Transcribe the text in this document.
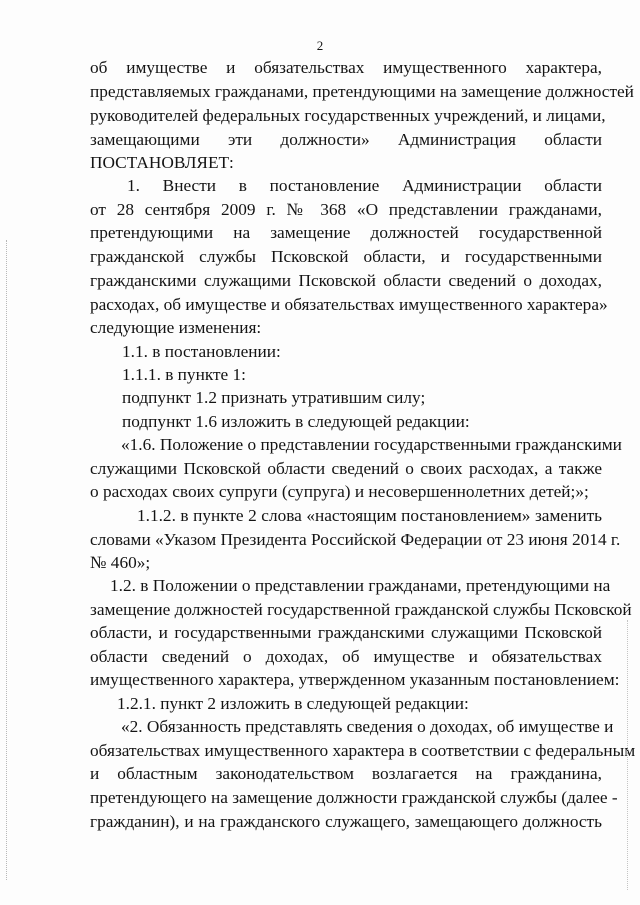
2
об имуществе и обязательствах имущественного характера,
представляемых гражданами, претендующими на замещение должностей
руководителей федеральных государственных учреждений, и лицами,
замещающими эти должности» Администрация области
ПОСТАНОВЛЯЕТ:
1. Внести в постановление Администрации области
от 28 сентября 2009 г. № 368 «О представлении гражданами,
претендующими на замещение должностей государственной
гражданской службы Псковской области, и государственными
гражданскими служащими Псковской области сведений о доходах,
расходах, об имуществе и обязательствах имущественного характера»
следующие изменения:
1.1. в постановлении:
1.1.1. в пункте 1:
подпункт 1.2 признать утратившим силу;
подпункт 1.6 изложить в следующей редакции:
«1.6. Положение о представлении государственными гражданскими
служащими Псковской области сведений о своих расходах, а также
о расходах своих супруги (супруга) и несовершеннолетних детей;»;
1.1.2. в пункте 2 слова «настоящим постановлением» заменить
словами «Указом Президента Российской Федерации от 23 июня 2014 г.
№ 460»;
1.2. в Положении о представлении гражданами, претендующими на
замещение должностей государственной гражданской службы Псковской
области, и государственными гражданскими служащими Псковской
области сведений о доходах, об имуществе и обязательствах
имущественного характера, утвержденном указанным постановлением:
1.2.1. пункт 2 изложить в следующей редакции:
«2. Обязанность представлять сведения о доходах, об имуществе и
обязательствах имущественного характера в соответствии с федеральным
и областным законодательством возлагается на гражданина,
претендующего на замещение должности гражданской службы (далее -
гражданин), и на гражданского служащего, замещающего должность
